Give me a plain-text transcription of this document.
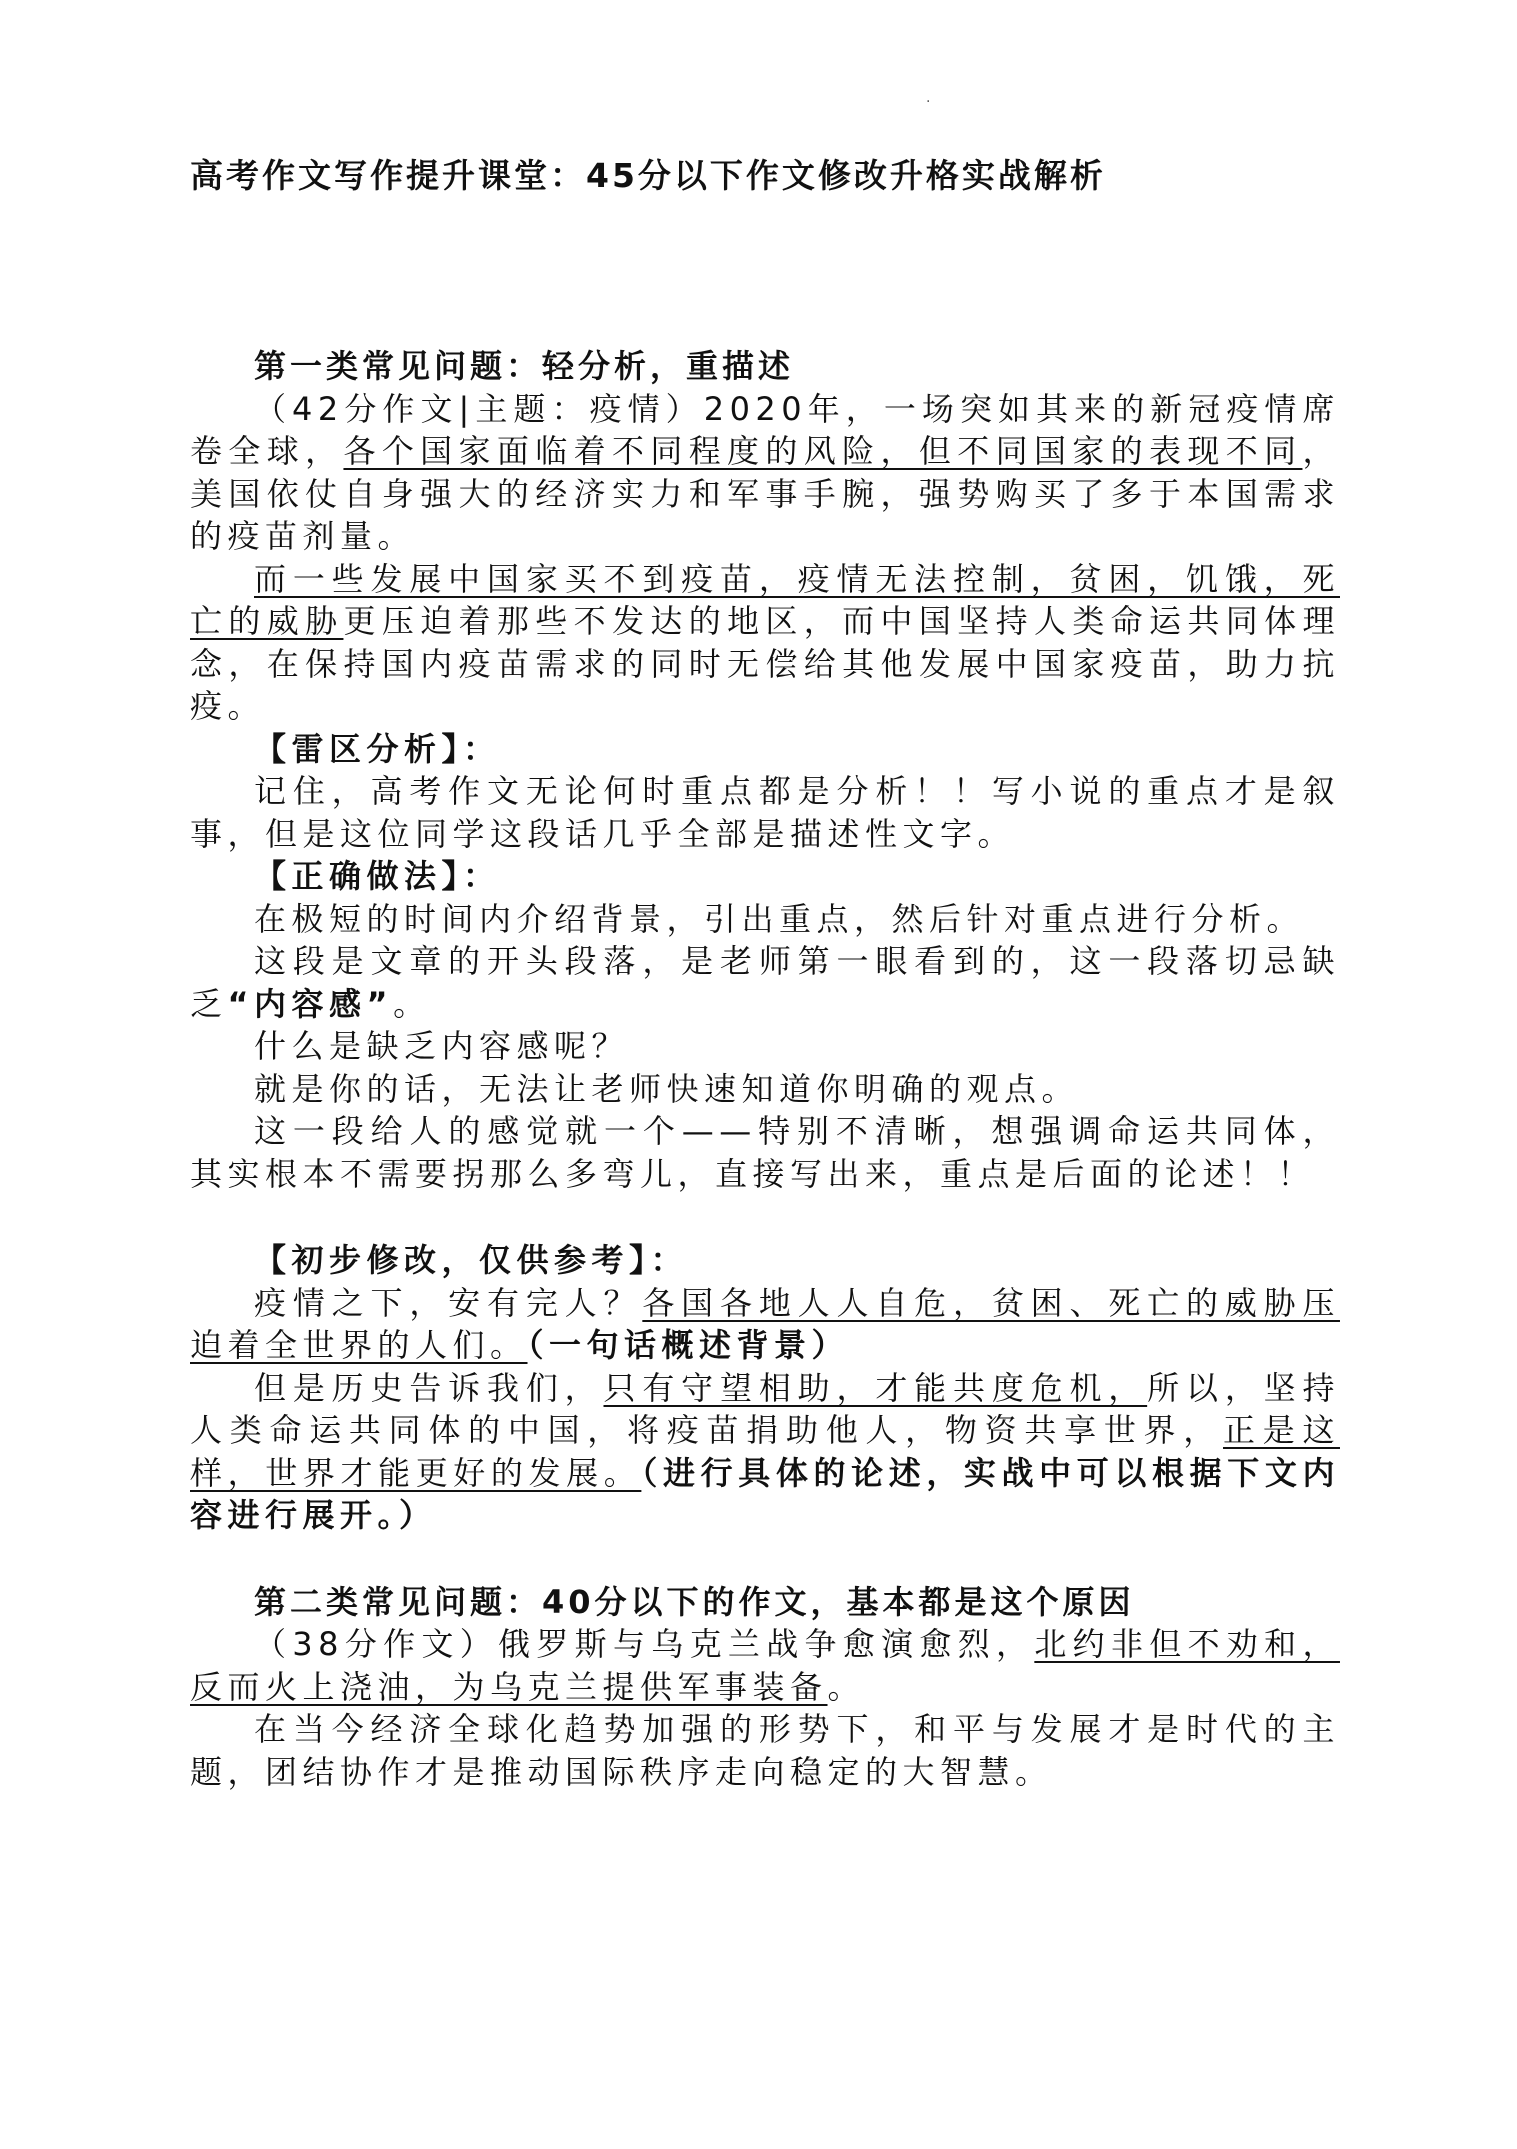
.
高考作文写作提升课堂：45分以下作文修改升格实战解析

第一类常见问题：轻分析，重描述

（42分作文|主题：疫情）2020年，一场突如其来的新冠疫情席卷全球，各个国家面临着不同程度的风险，但不同国家的表现不同，美国依仗自身强大的经济实力和军事手腕，强势购买了多于本国需求的疫苗剂量。

而一些发展中国家买不到疫苗，疫情无法控制，贫困，饥饿，死亡的威胁更压迫着那些不发达的地区，而中国坚持人类命运共同体理念，在保持国内疫苗需求的同时无偿给其他发展中国家疫苗，助力抗疫。

【雷区分析】：

记住，高考作文无论何时重点都是分析！！写小说的重点才是叙事，但是这位同学这段话几乎全部是描述性文字。

【正确做法】：

在极短的时间内介绍背景，引出重点，然后针对重点进行分析。

这段是文章的开头段落，是老师第一眼看到的，这一段落切忌缺乏“内容感”。

什么是缺乏内容感呢？

就是你的话，无法让老师快速知道你明确的观点。

这一段给人的感觉就一个——特别不清晰，想强调命运共同体，其实根本不需要拐那么多弯儿，直接写出来，重点是后面的论述！！

【初步修改，仅供参考】：

疫情之下，安有完人？各国各地人人自危，贫困、死亡的威胁压迫着全世界的人们。（一句话概述背景）

但是历史告诉我们，只有守望相助，才能共度危机，所以，坚持人类命运共同体的中国，将疫苗捐助他人，物资共享世界，正是这样，世界才能更好的发展。（进行具体的论述，实战中可以根据下文内容进行展开。）

第二类常见问题：40分以下的作文，基本都是这个原因

（38分作文）俄罗斯与乌克兰战争愈演愈烈，北约非但不劝和，反而火上浇油，为乌克兰提供军事装备。

在当今经济全球化趋势加强的形势下，和平与发展才是时代的主题，团结协作才是推动国际秩序走向稳定的大智慧。
